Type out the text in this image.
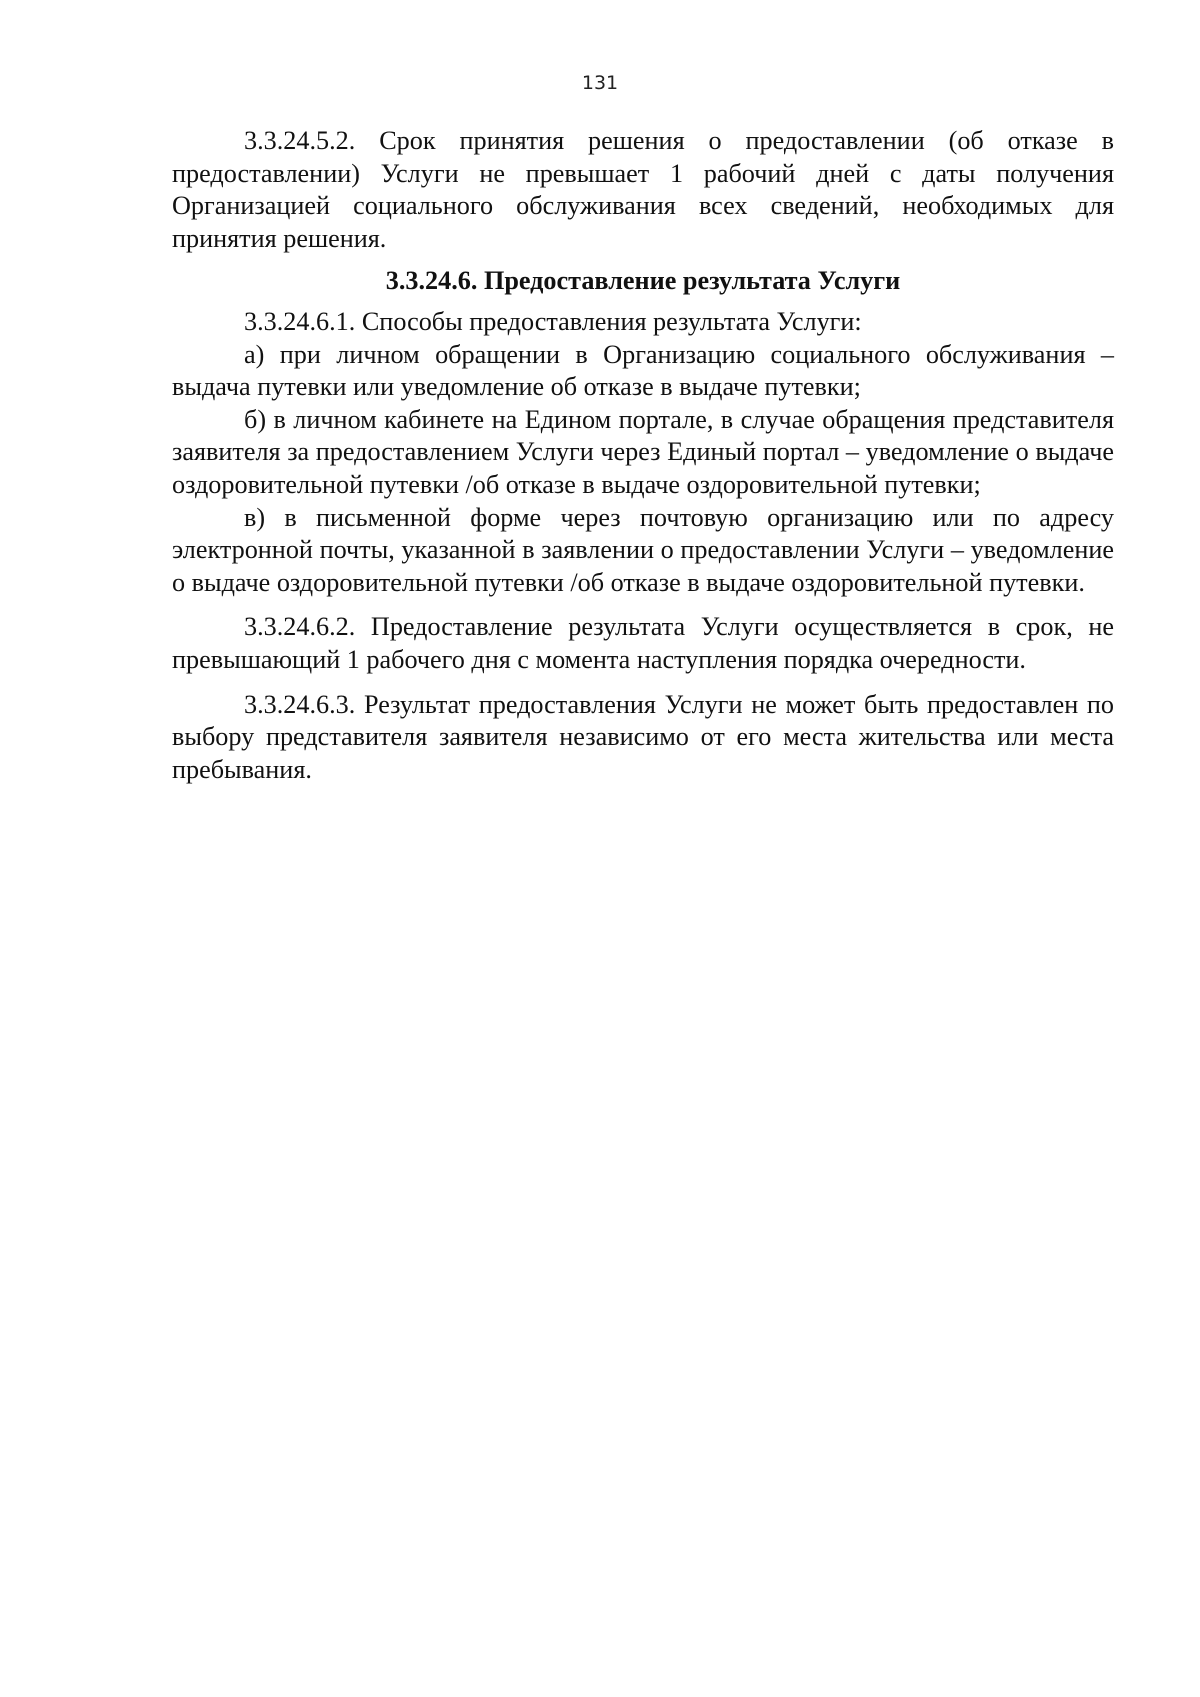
131

3.3.24.5.2. Срок принятия решения о предоставлении (об отказе в предоставлении) Услуги не превышает 1 рабочий дней с даты получения Организацией социального обслуживания всех сведений, необходимых для принятия решения.

3.3.24.6. Предоставление результата Услуги

3.3.24.6.1. Способы предоставления результата Услуги:

а) при личном обращении в Организацию социального обслуживания – выдача путевки или уведомление об отказе в выдаче путевки;

б) в личном кабинете на Едином портале, в случае обращения представителя заявителя за предоставлением Услуги через Единый портал – уведомление о выдаче оздоровительной путевки /об отказе в выдаче оздоровительной путевки;

в) в письменной форме через почтовую организацию или по адресу электронной почты, указанной в заявлении о предоставлении Услуги – уведомление о выдаче оздоровительной путевки /об отказе в выдаче оздоровительной путевки.

3.3.24.6.2. Предоставление результата Услуги осуществляется в срок, не превышающий 1 рабочего дня с момента наступления порядка очередности.

3.3.24.6.3. Результат предоставления Услуги не может быть предоставлен по выбору представителя заявителя независимо от его места жительства или места пребывания.
